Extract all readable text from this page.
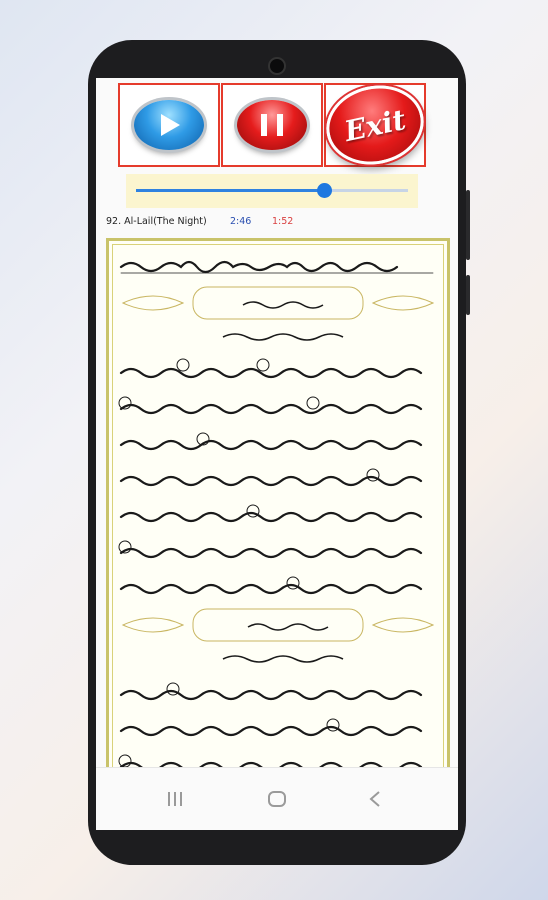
Exit
92. Al-Lail(The Night) 2:46 1:52
